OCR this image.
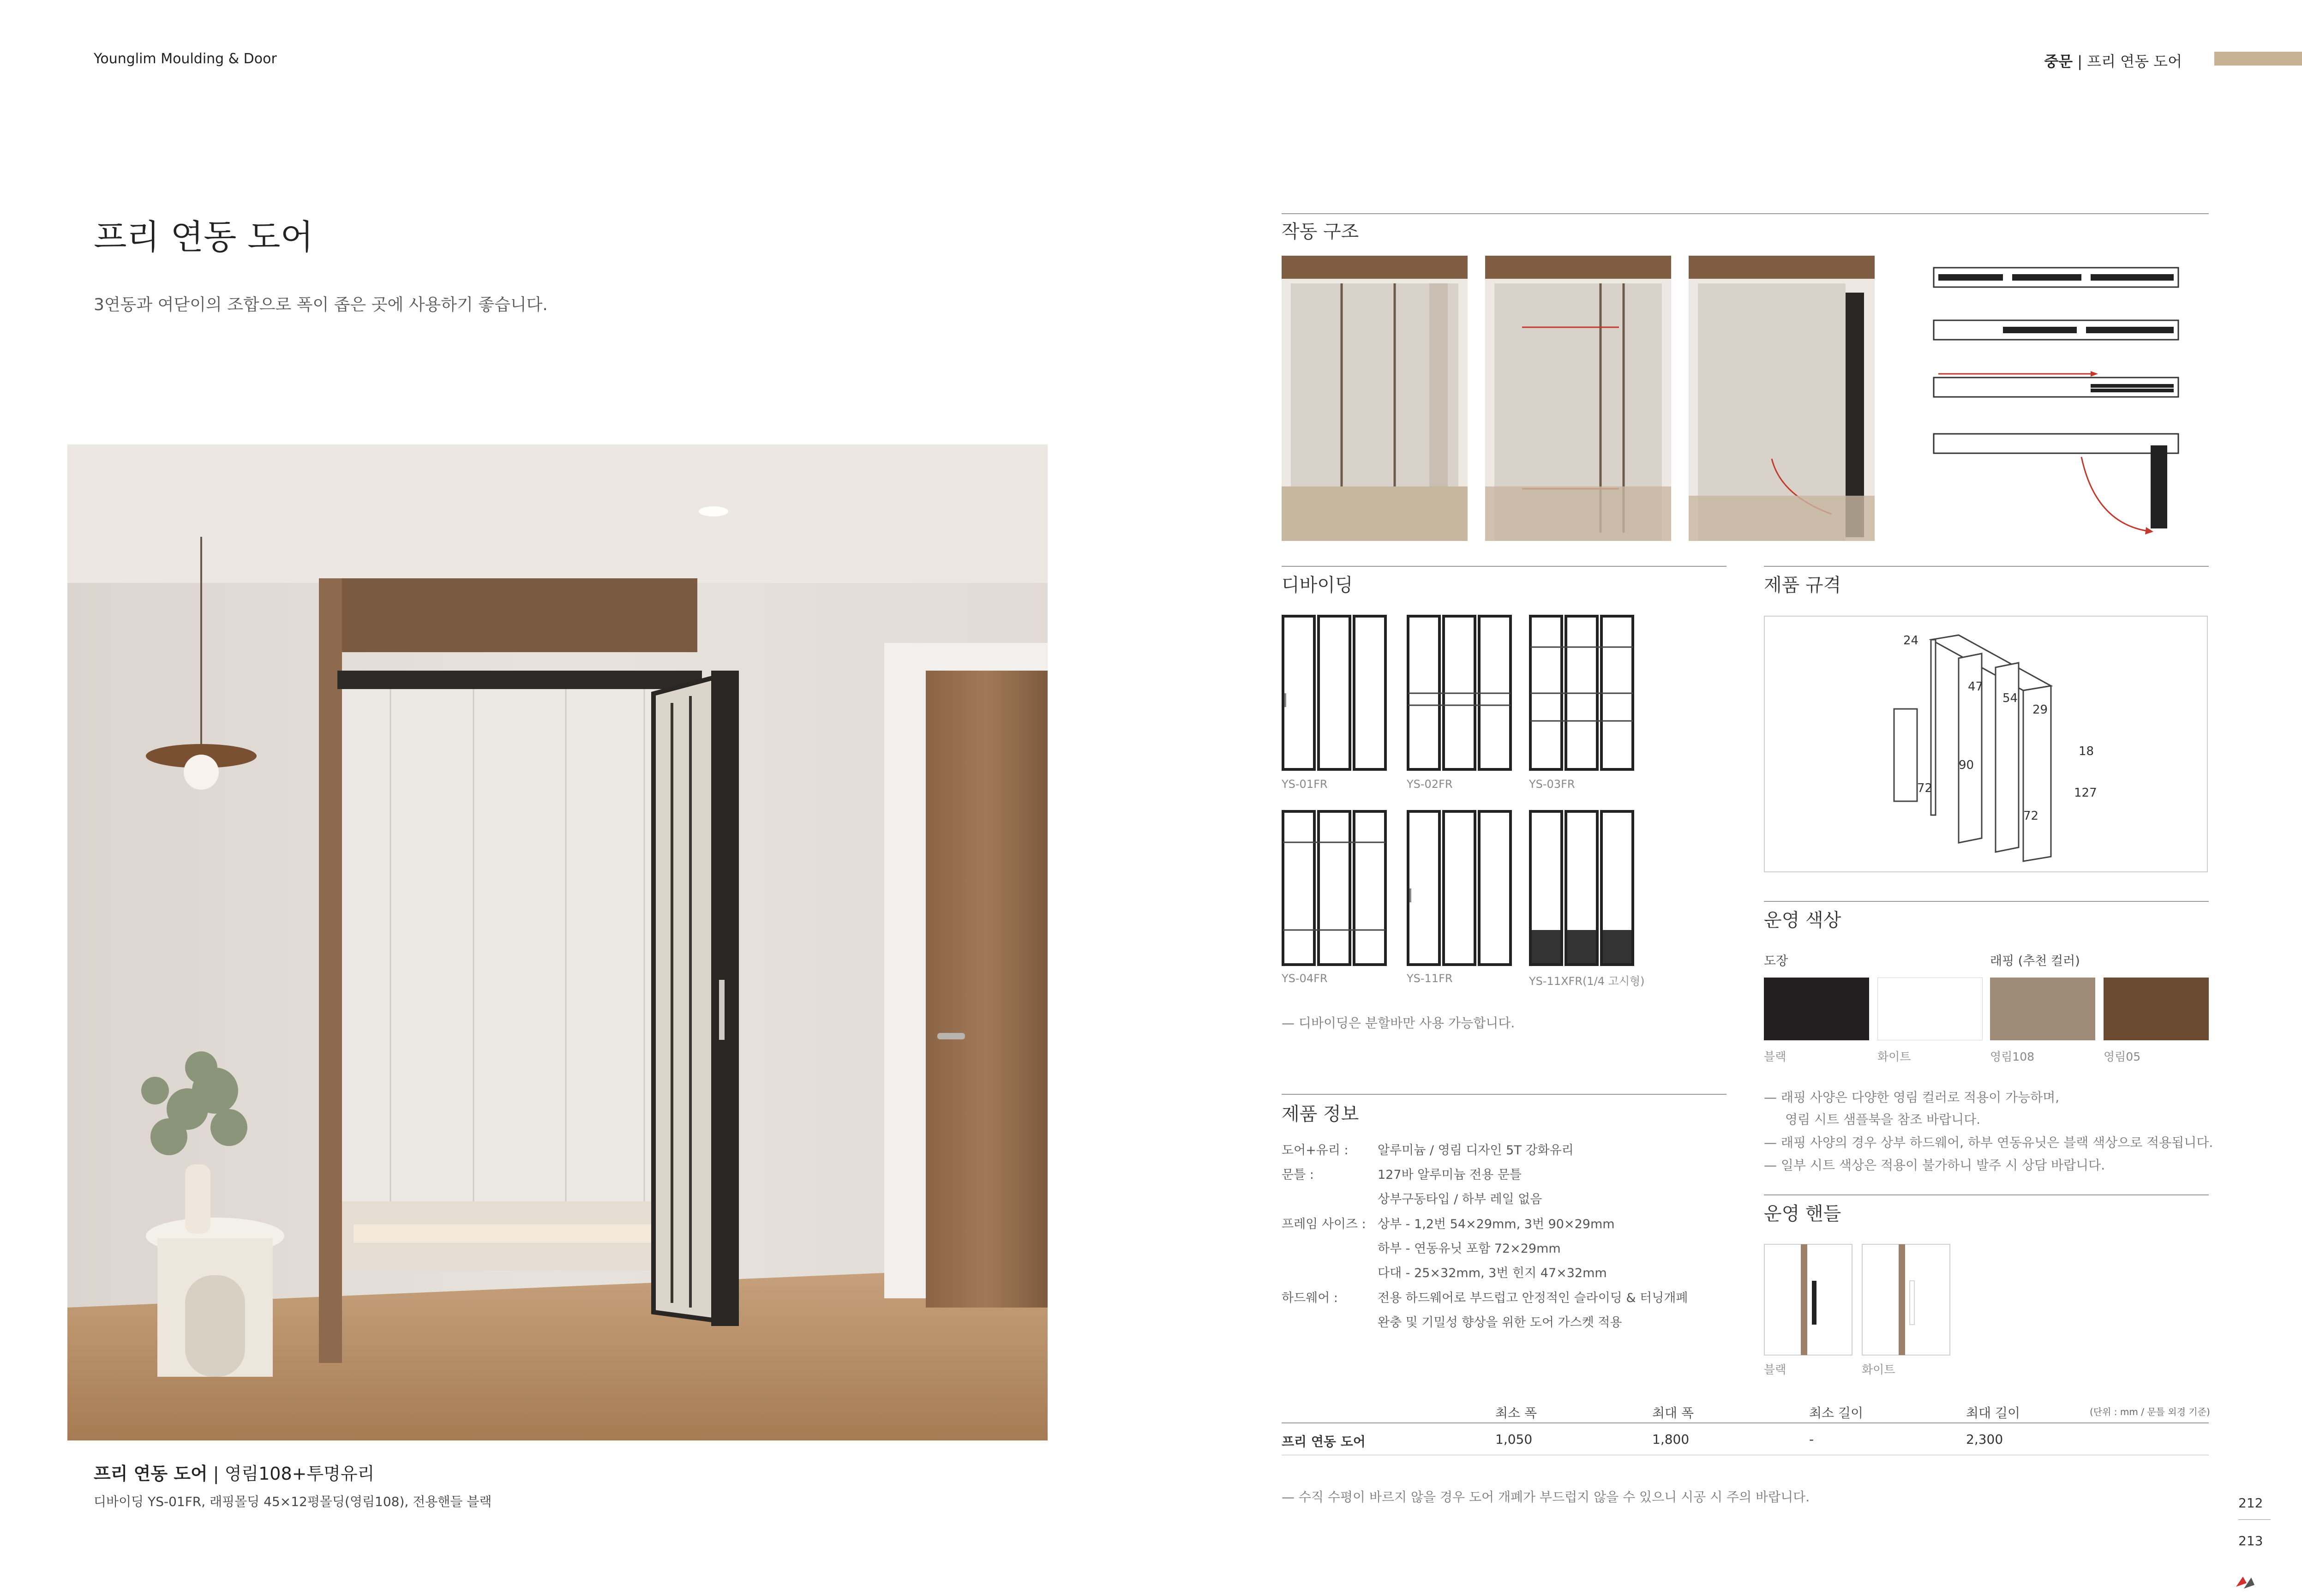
Younglim Moulding & Door	중문 | 프리 연동 도어
프리 연동 도어
3연동과 여닫이의 조합으로 폭이 좁은 곳에 사용하기 좋습니다.
프리 연동 도어 | 영림108+투명유리
디바이딩 YS-01FR, 래핑몰딩 45×12평몰딩(영림108), 전용핸들 블랙
작동 구조
디바이딩
YS-01FR	YS-02FR	YS-03FR
YS-04FR	YS-11FR	YS-11XFR(1/4 고시형)
— 디바이딩은 분할바만 사용 가능합니다.
제품 규격
24
47
54
29
72	127
18
90
72
운영 색상
도장	래핑 (추천 컬러)
블랙	화이트	영림108	영림05
— 래핑 사양은 다양한 영림 컬러로 적용이 가능하며,
영림 시트 샘플북을 참조 바랍니다.
— 래핑 사양의 경우 상부 하드웨어, 하부 연동유닛은 블랙 색상으로 적용됩니다.
— 일부 시트 색상은 적용이 불가하니 발주 시 상담 바랍니다.
제품 정보
도어+유리 : 알루미늄 / 영림 디자인 5T 강화유리
문틀 :	127바 알루미늄 전용 문틀
상부구동타입 / 하부 레일 없음
프레임 사이즈 : 상부 - 1,2번 54×29mm, 3번 90×29mm
하부 - 연동유닛 포함 72×29mm
다대 - 25×32mm, 3번 힌지 47×32mm
하드웨어 :	전용 하드웨어로 부드럽고 안정적인 슬라이딩 & 터닝개폐
완충 및 기밀성 향상을 위한 도어 가스켓 적용
운영 핸들
블랙	화이트
최소 폭	최대 폭	최소 길이	최대 길이	(단위 : mm / 문틀 외경 기준)
프리 연동 도어	1,050	1,800	-	2,300
— 수직 수평이 바르지 않을 경우 도어 개폐가 부드럽지 않을 수 있으니 시공 시 주의 바랍니다.	212
213
